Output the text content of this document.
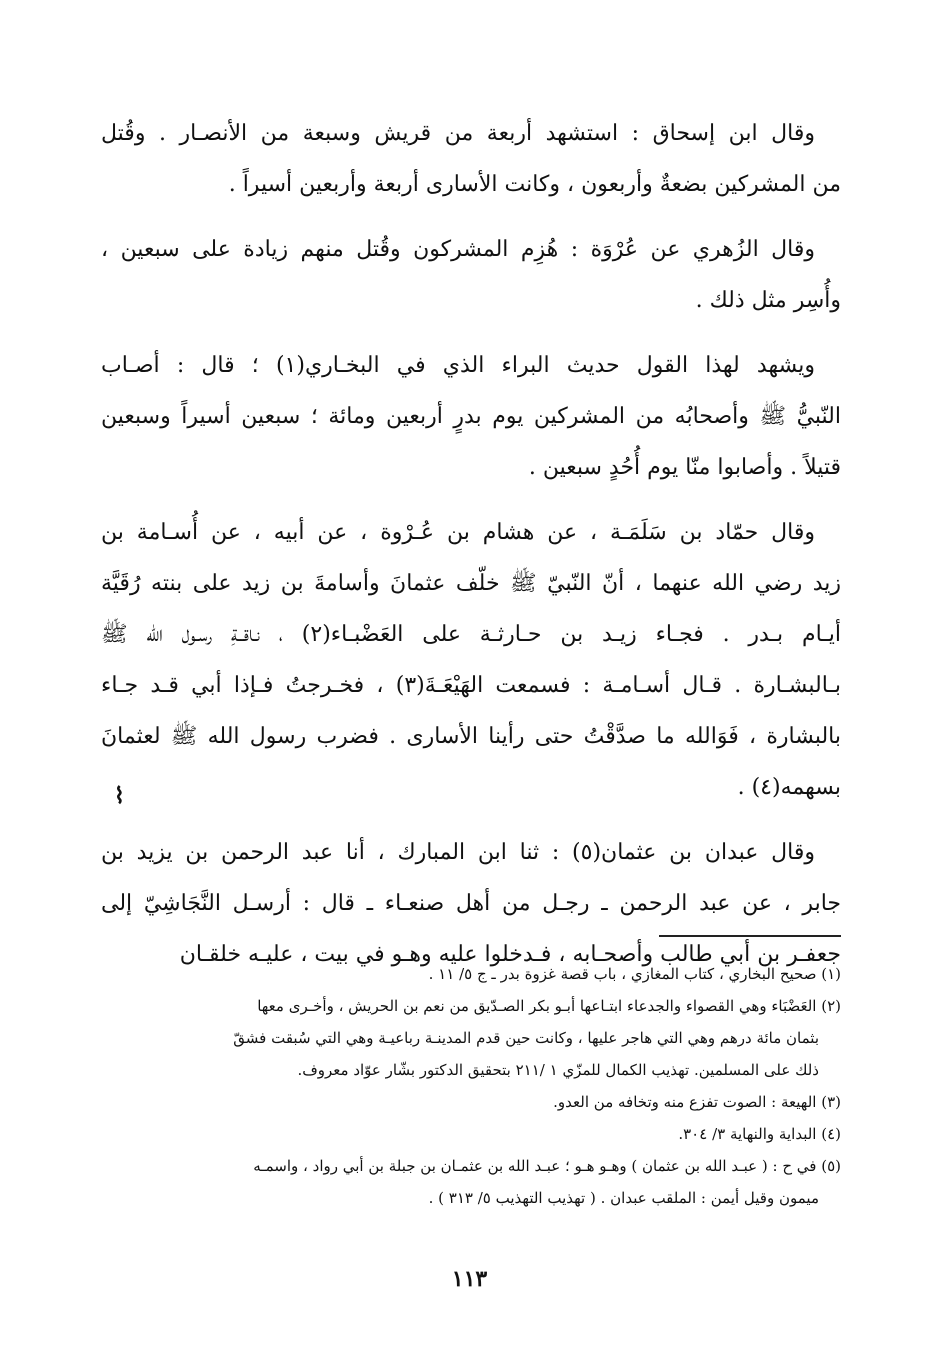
وقال ابن إسحاق : استشهد أربعة من قريش وسبعة من الأنصـار . وقُتل
من المشركين بضعةٌ وأربعون ، وكانت الأسارى أربعة وأربعين أسيراً .
وقال الزُهري عن عُرْوَة : هُزِم المشركون وقُتل منهم زيادة على سبعين ،
وأُسِر مثل ذلك .
ويشهد لهذا القول حديث البراء الذي في البخـاري(١) ؛ قال : أصـاب
النّبيُّ ﷺ وأصحابُه من المشركين يوم بدرٍ أربعين ومائة ؛ سبعين أسيراً وسبعين
قتيلاً . وأصابوا منّا يوم أُحُدٍ سبعين .
وقال حمّاد بن سَلَمَـة ، عن هشام بن عُـرْوة ، عن أبيه ، عن أُسـامة بن
زيد رضي الله عنهما ، أنّ النّبيّ ﷺ خلّف عثمانَ وأسامةَ بن زيد على بنته رُقَيَّة
أيـام بـدر . فجـاء زيـد بن حـارثـة على العَضْبـاء(٢) ، نـاقــةِ رسـول الله ﷺ
بـالبشـارة . قـال أسـامـة : فسمعت الهَيْعَـةَ(٣) ، فخـرجتُ فـإذا أبي قـد جـاء
بالبشارة ، فَوَالله ما صدَّقْتُ حتى رأينا الأسارى . فضرب رسول الله ﷺ لعثمانَ
بسهمه(٤) .
وقال عبدان بن عثمان(٥) : ثنا ابن المبارك ، أنا عبد الرحمن بن يزيد بن
جابر ، عن عبد الرحمن ـ رجـل من أهل صنعـاء ـ قال : أرسـل النَّجَاشِيّ إلى
جعفـر بن أبي طالب وأصحـابه ، فـدخلوا عليه وهـو في بيت ، عليـه خلقـان
⌇

(١) صحيح البخاري ، كتاب المغازي ، باب قصة غزوة بدر ـ ج ٥/ ١١ .

(٢) العَضْبَاء وهي القصواء والجدعاء ابتـاعها أبـو بكر الصـدّيق من نعم بن الحريش ، وأخـرى معها
بثمان مائة درهم وهي التي هاجر عليها ، وكانت حين قدم المدينـة رباعيـة وهي التي سُبقت فشقّ
ذلك على المسلمين. تهذيب الكمال للمزّي ١ /٢١١ بتحقيق الدكتور بشّار عوّاد معروف.

(٣) الهيعة : الصوت تفزع منه وتخافه من العدو.

(٤) البداية والنهاية ٣/ ٣٠٤.

(٥) في ح : ( عبـد الله بن عثمان ) وهـو هـو ؛ عبـد الله بن عثمـان بن جبلة بن أبي رواد ، واسمـه
ميمون وقيل أيمن : الملقب عبدان . ( تهذيب التهذيب ٥/ ٣١٣ ) .

١١٣
